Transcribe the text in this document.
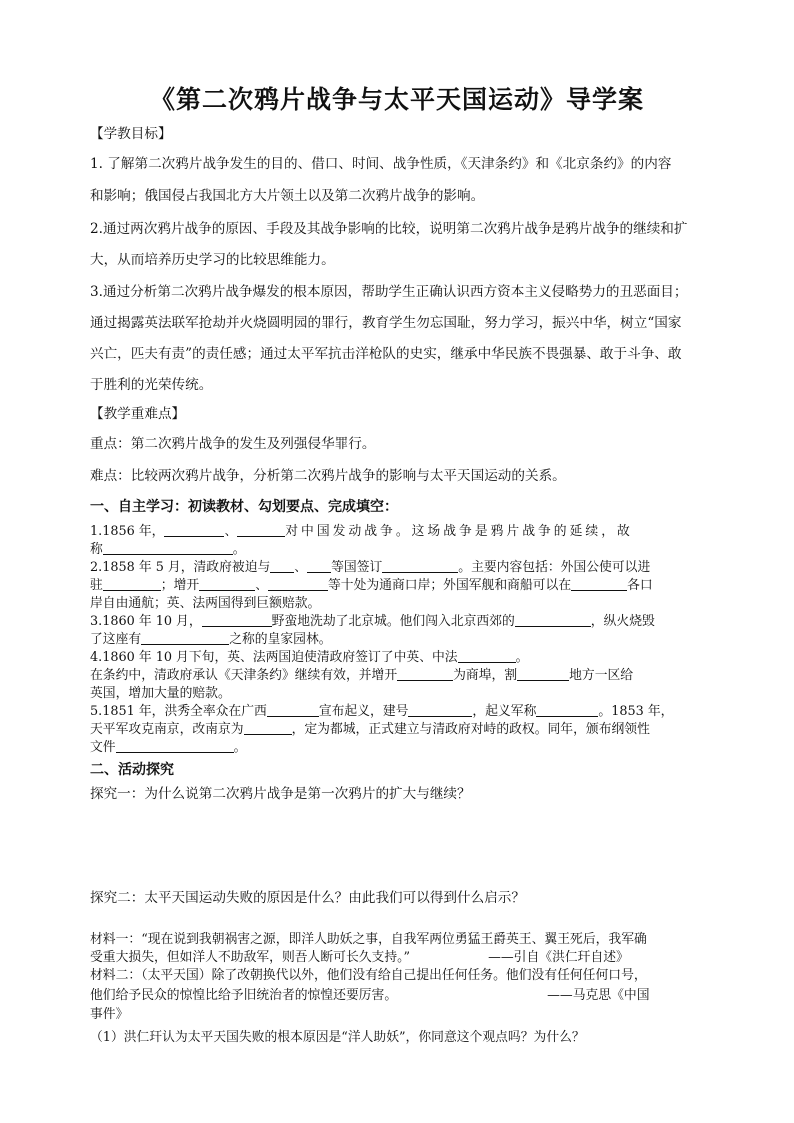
《第二次鸦片战争与太平天国运动》导学案
【学教目标】
1. 了解第二次鸦片战争发生的目的、借口、时间、战争性质，《天津条约》和《北京条约》的内容
和影响；俄国侵占我国北方大片领土以及第二次鸦片战争的影响。
2.通过两次鸦片战争的原因、手段及其战争影响的比较，说明第二次鸦片战争是鸦片战争的继续和扩
大，从而培养历史学习的比较思维能力。
3.通过分析第二次鸦片战争爆发的根本原因，帮助学生正确认识西方资本主义侵略势力的丑恶面目；
通过揭露英法联军抢劫并火烧圆明园的罪行，教育学生勿忘国耻，努力学习，振兴中华，树立“国家
兴亡，匹夫有责”的责任感；通过太平军抗击洋枪队的史实，继承中华民族不畏强暴、敢于斗争、敢
于胜利的光荣传统。
【教学重难点】
重点：第二次鸦片战争的发生及列强侵华罪行。
难点：比较两次鸦片战争，分析第二次鸦片战争的影响与太平天国运动的关系。
一、自主学习：初读教材、勾划要点、完成填空：
1.1856 年，	、	对中国发动战争。这场战争是鸦片战争的延续，故
称	。
2.1858 年 5 月，清政府被迫与 、 等国签订	。主要内容包括：外国公使可以进
驻	；增开	、	等十处为通商口岸；外国军舰和商船可以在	各口
岸自由通航；英、法两国得到巨额赔款。
3.1860 年 10 月，	野蛮地洗劫了北京城。他们闯入北京西郊的	，纵火烧毁
了这座有	之称的皇家园林。
4.1860 年 10 月下旬，英、法两国迫使清政府签订了中英、中法	。
在条约中，清政府承认《天津条约》继续有效，并增开	为商埠，割	地方一区给
英国，增加大量的赔款。
5.1851 年，洪秀全率众在广西	宣布起义，建号	，起义军称	。1853 年，
天平军攻克南京，改南京为	，定为都城，正式建立与清政府对峙的政权。同年，颁布纲领性
文件	。
二、活动探究
探究一：为什么说第二次鸦片战争是第一次鸦片的扩大与继续？
探究二：太平天国运动失败的原因是什么？由此我们可以得到什么启示？
材料一：“现在说到我朝祸害之源，即洋人助妖之事，自我军两位勇猛王爵英王、翼王死后，我军确
受重大损失，但如洋人不助敌军，则吾人断可长久支持。”	——引自《洪仁玕自述》
材料二：（太平天国）除了改朝换代以外，他们没有给自己提出任何任务。他们没有任何任何口号，
他们给予民众的惊惶比给予旧统治者的惊惶还要厉害。	——马克思《中国
事件》
（1）洪仁玕认为太平天国失败的根本原因是“洋人助妖”，你同意这个观点吗？为什么？
